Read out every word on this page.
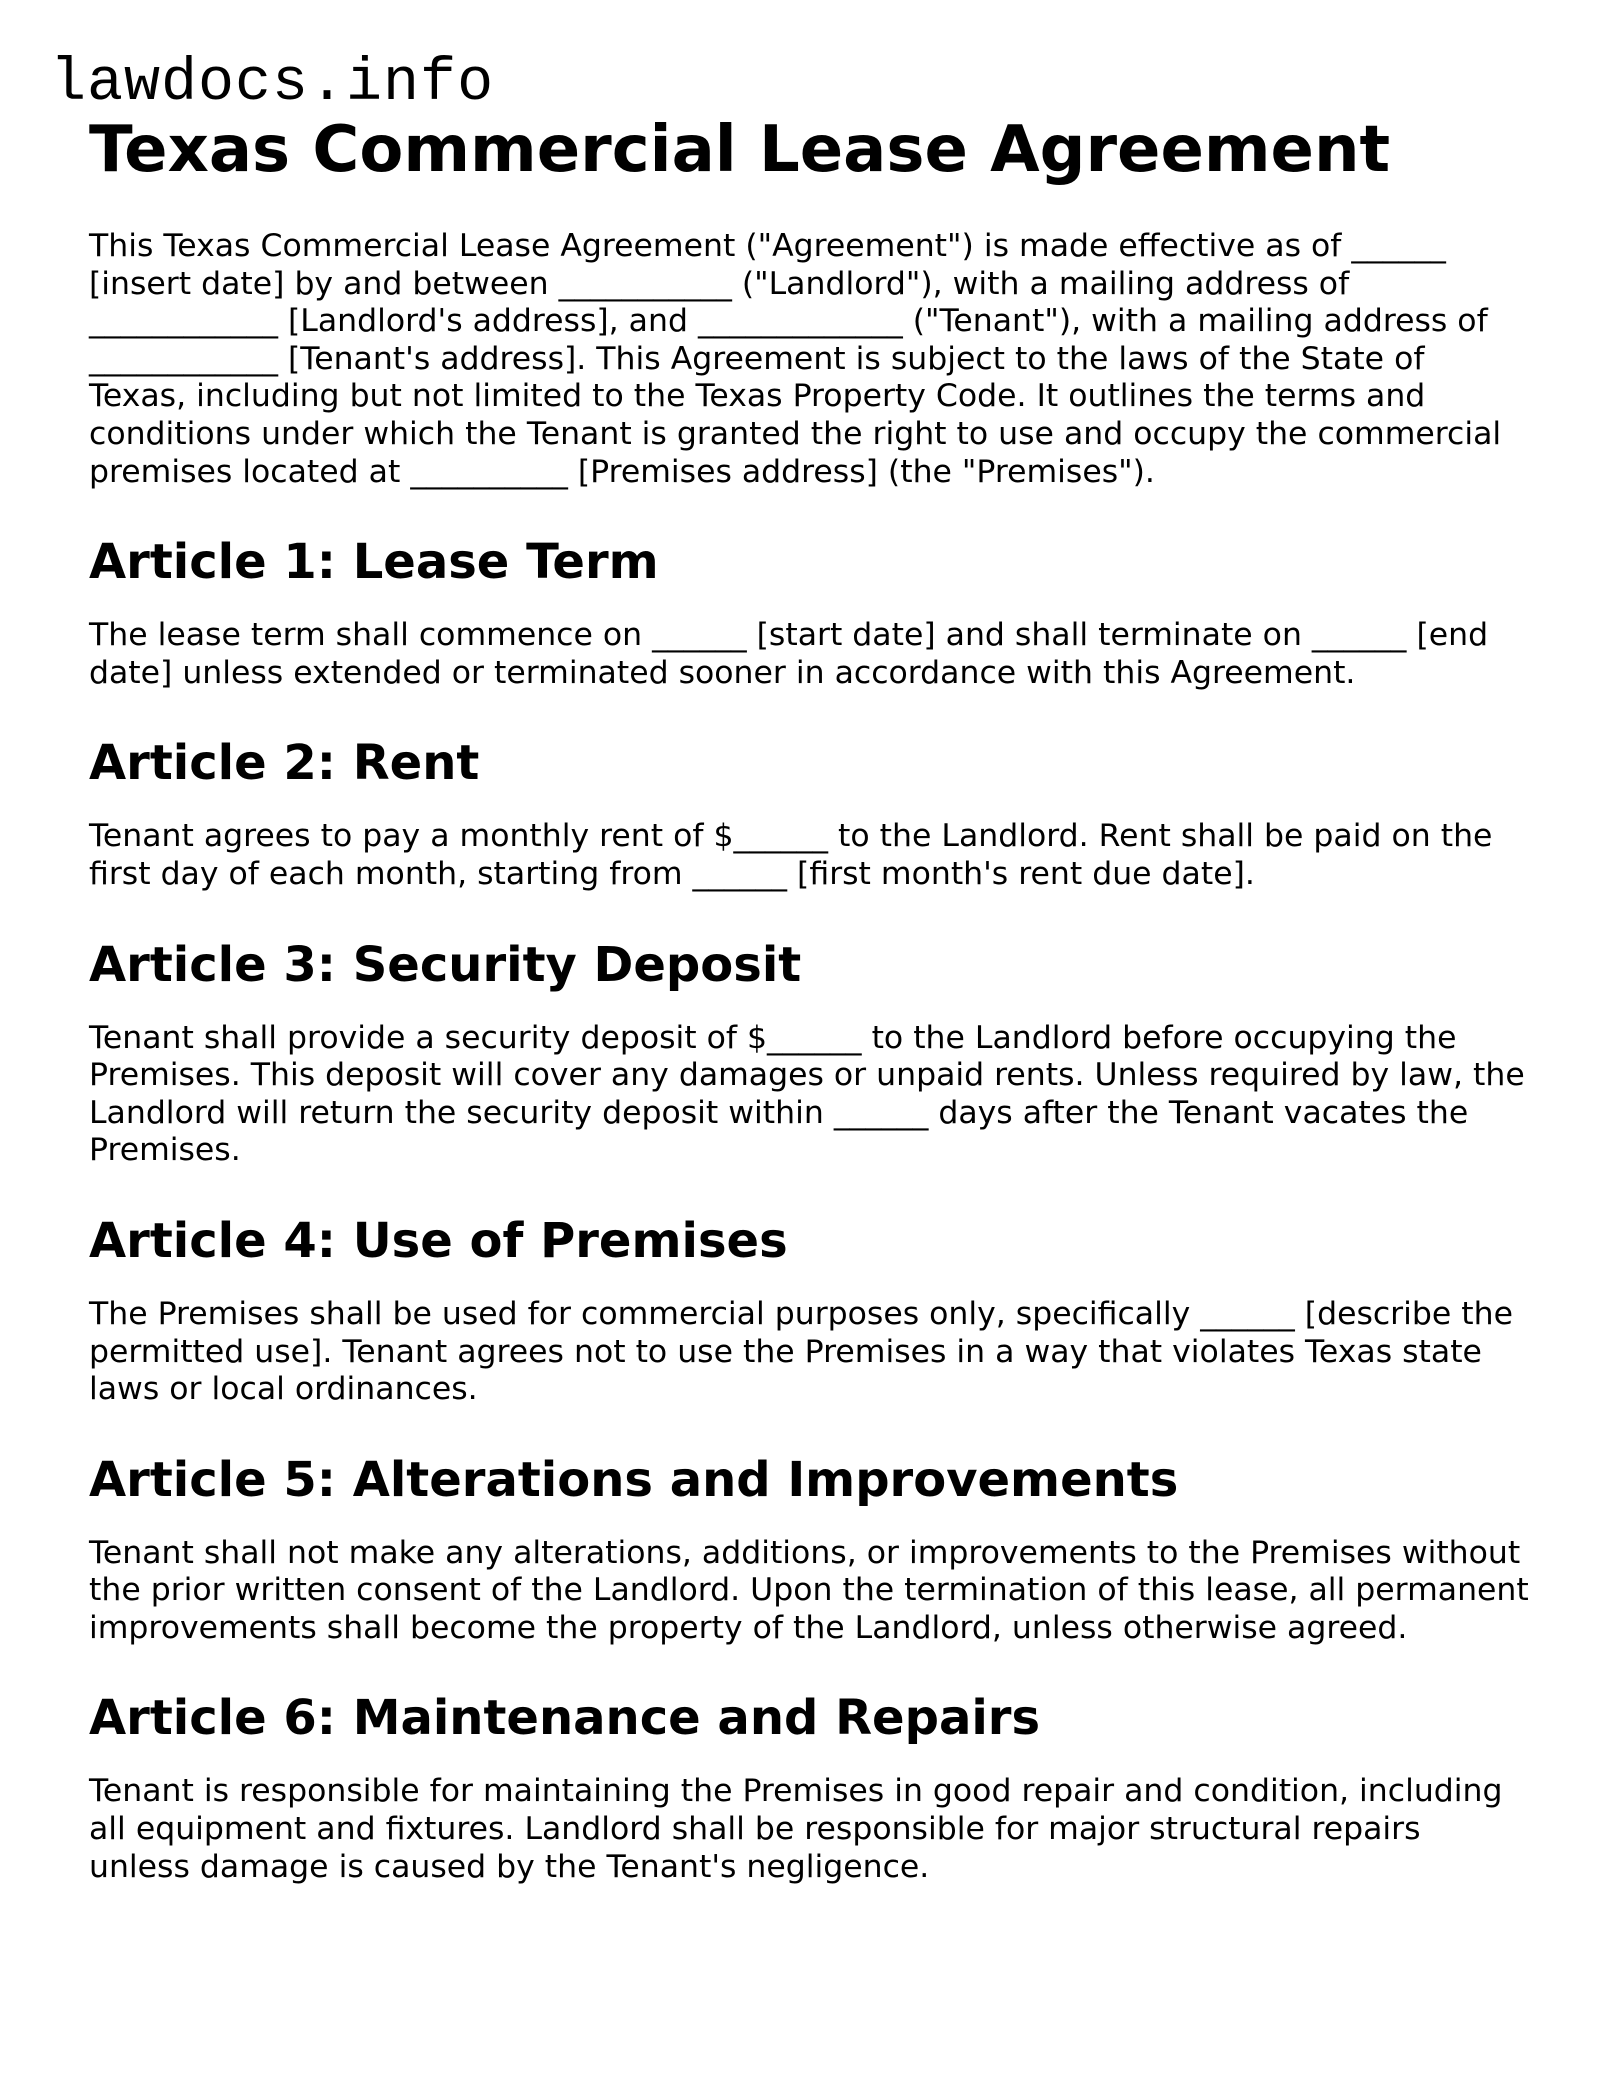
lawdocs.info
Texas Commercial Lease Agreement

This Texas Commercial Lease Agreement ("Agreement") is made effective as of ______ [insert date] by and between ___________ ("Landlord"), with a mailing address of ____________ [Landlord's address], and _____________ ("Tenant"), with a mailing address of ____________ [Tenant's address]. This Agreement is subject to the laws of the State of Texas, including but not limited to the Texas Property Code. It outlines the terms and conditions under which the Tenant is granted the right to use and occupy the commercial premises located at __________ [Premises address] (the "Premises").

Article 1: Lease Term

The lease term shall commence on ______ [start date] and shall terminate on ______ [end date] unless extended or terminated sooner in accordance with this Agreement.

Article 2: Rent

Tenant agrees to pay a monthly rent of $______ to the Landlord. Rent shall be paid on the first day of each month, starting from ______ [first month's rent due date].

Article 3: Security Deposit

Tenant shall provide a security deposit of $______ to the Landlord before occupying the Premises. This deposit will cover any damages or unpaid rents. Unless required by law, the Landlord will return the security deposit within ______ days after the Tenant vacates the Premises.

Article 4: Use of Premises

The Premises shall be used for commercial purposes only, specifically ______ [describe the permitted use]. Tenant agrees not to use the Premises in a way that violates Texas state laws or local ordinances.

Article 5: Alterations and Improvements

Tenant shall not make any alterations, additions, or improvements to the Premises without the prior written consent of the Landlord. Upon the termination of this lease, all permanent improvements shall become the property of the Landlord, unless otherwise agreed.

Article 6: Maintenance and Repairs

Tenant is responsible for maintaining the Premises in good repair and condition, including all equipment and fixtures. Landlord shall be responsible for major structural repairs unless damage is caused by the Tenant's negligence.
